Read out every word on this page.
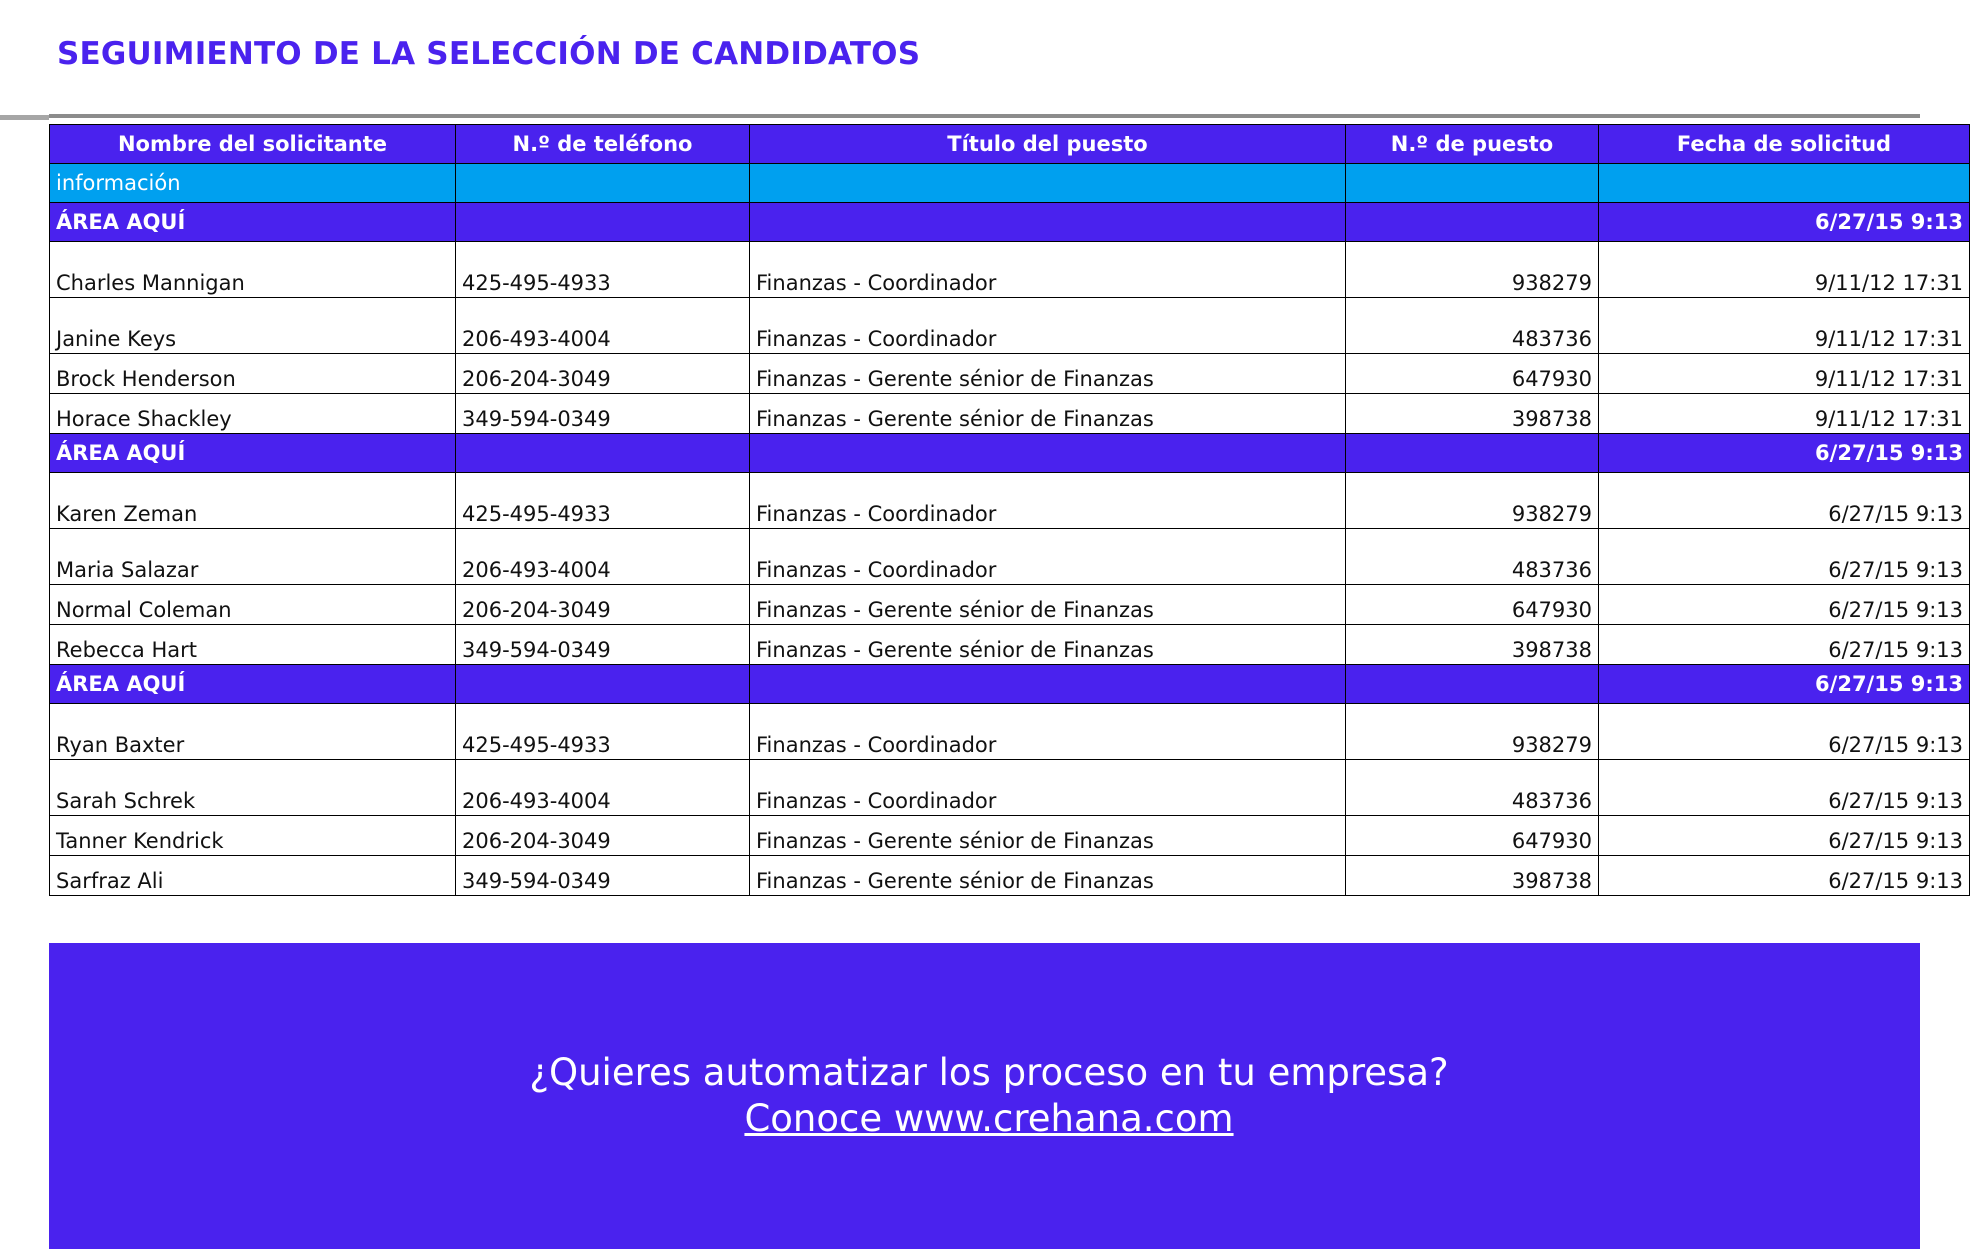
SEGUIMIENTO DE LA SELECCIÓN DE CANDIDATOS
Nombre del solicitante	N.º de teléfono	Título del puesto	N.º de puesto	Fecha de solicitud
información				
ÁREA AQUÍ				6/27/15 9:13
Charles Mannigan	425-495-4933	Finanzas - Coordinador	938279	9/11/12 17:31
Janine Keys	206-493-4004	Finanzas - Coordinador	483736	9/11/12 17:31
Brock Henderson	206-204-3049	Finanzas - Gerente sénior de Finanzas	647930	9/11/12 17:31
Horace Shackley	349-594-0349	Finanzas - Gerente sénior de Finanzas	398738	9/11/12 17:31
ÁREA AQUÍ				6/27/15 9:13
Karen Zeman	425-495-4933	Finanzas - Coordinador	938279	6/27/15 9:13
Maria Salazar	206-493-4004	Finanzas - Coordinador	483736	6/27/15 9:13
Normal Coleman	206-204-3049	Finanzas - Gerente sénior de Finanzas	647930	6/27/15 9:13
Rebecca Hart	349-594-0349	Finanzas - Gerente sénior de Finanzas	398738	6/27/15 9:13
ÁREA AQUÍ				6/27/15 9:13
Ryan Baxter	425-495-4933	Finanzas - Coordinador	938279	6/27/15 9:13
Sarah Schrek	206-493-4004	Finanzas - Coordinador	483736	6/27/15 9:13
Tanner Kendrick	206-204-3049	Finanzas - Gerente sénior de Finanzas	647930	6/27/15 9:13
Sarfraz Ali	349-594-0349	Finanzas - Gerente sénior de Finanzas	398738	6/27/15 9:13
¿Quieres automatizar los proceso en tu empresa?
Conoce www.crehana.com
